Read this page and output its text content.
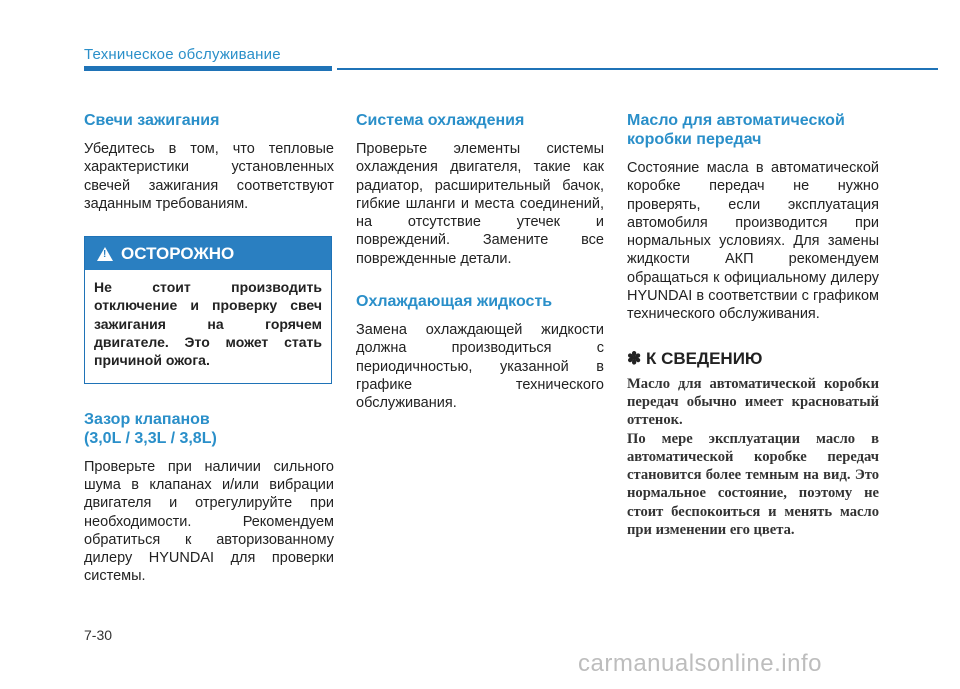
Техническое обслуживание
Свечи зажигания

Убедитесь в том, что тепловые характеристики установленных свечей зажигания соответствуют заданным требованиям.

!
ОСТОРОЖНО
Не стоит производить отключение и проверку свеч зажигания на горячем двигателе. Это может стать причиной ожога.
Зазор клапанов
(3,0L / 3,3L / 3,8L)

Проверьте при наличии сильного шума в клапанах и/или вибрации двигателя и отрегулируйте при необходимости. Рекомендуем обратиться к авторизованному дилеру HYUNDAI для проверки системы.

Система охлаждения

Проверьте элементы системы охлаждения двигателя, такие как радиатор, расширительный бачок, гибкие шланги и места соединений, на отсутствие утечек и повреждений. Замените все поврежденные детали.

Охлаждающая жидкость

Замена охлаждающей жидкости должна производиться с периодичностью, указанной в графике технического обслуживания.

Масло для автоматической
коробки передач

Состояние масла в автоматической коробке передач не нужно проверять, если эксплуатация автомобиля производится при нормальных условиях. Для замены жидкости АКП рекомендуем обращаться к официальному дилеру HYUNDAI в соответствии с графиком технического обслуживания.

✽ К СВЕДЕНИЮ

Масло для автоматической коробки передач обычно имеет красноватый оттенок.

По мере эксплуатации масло в автоматической коробке передач становится более темным на вид. Это нормальное состояние, поэтому не стоит беспокоиться и менять масло при изменении его цвета.

7-30
carmanualsonline.info
